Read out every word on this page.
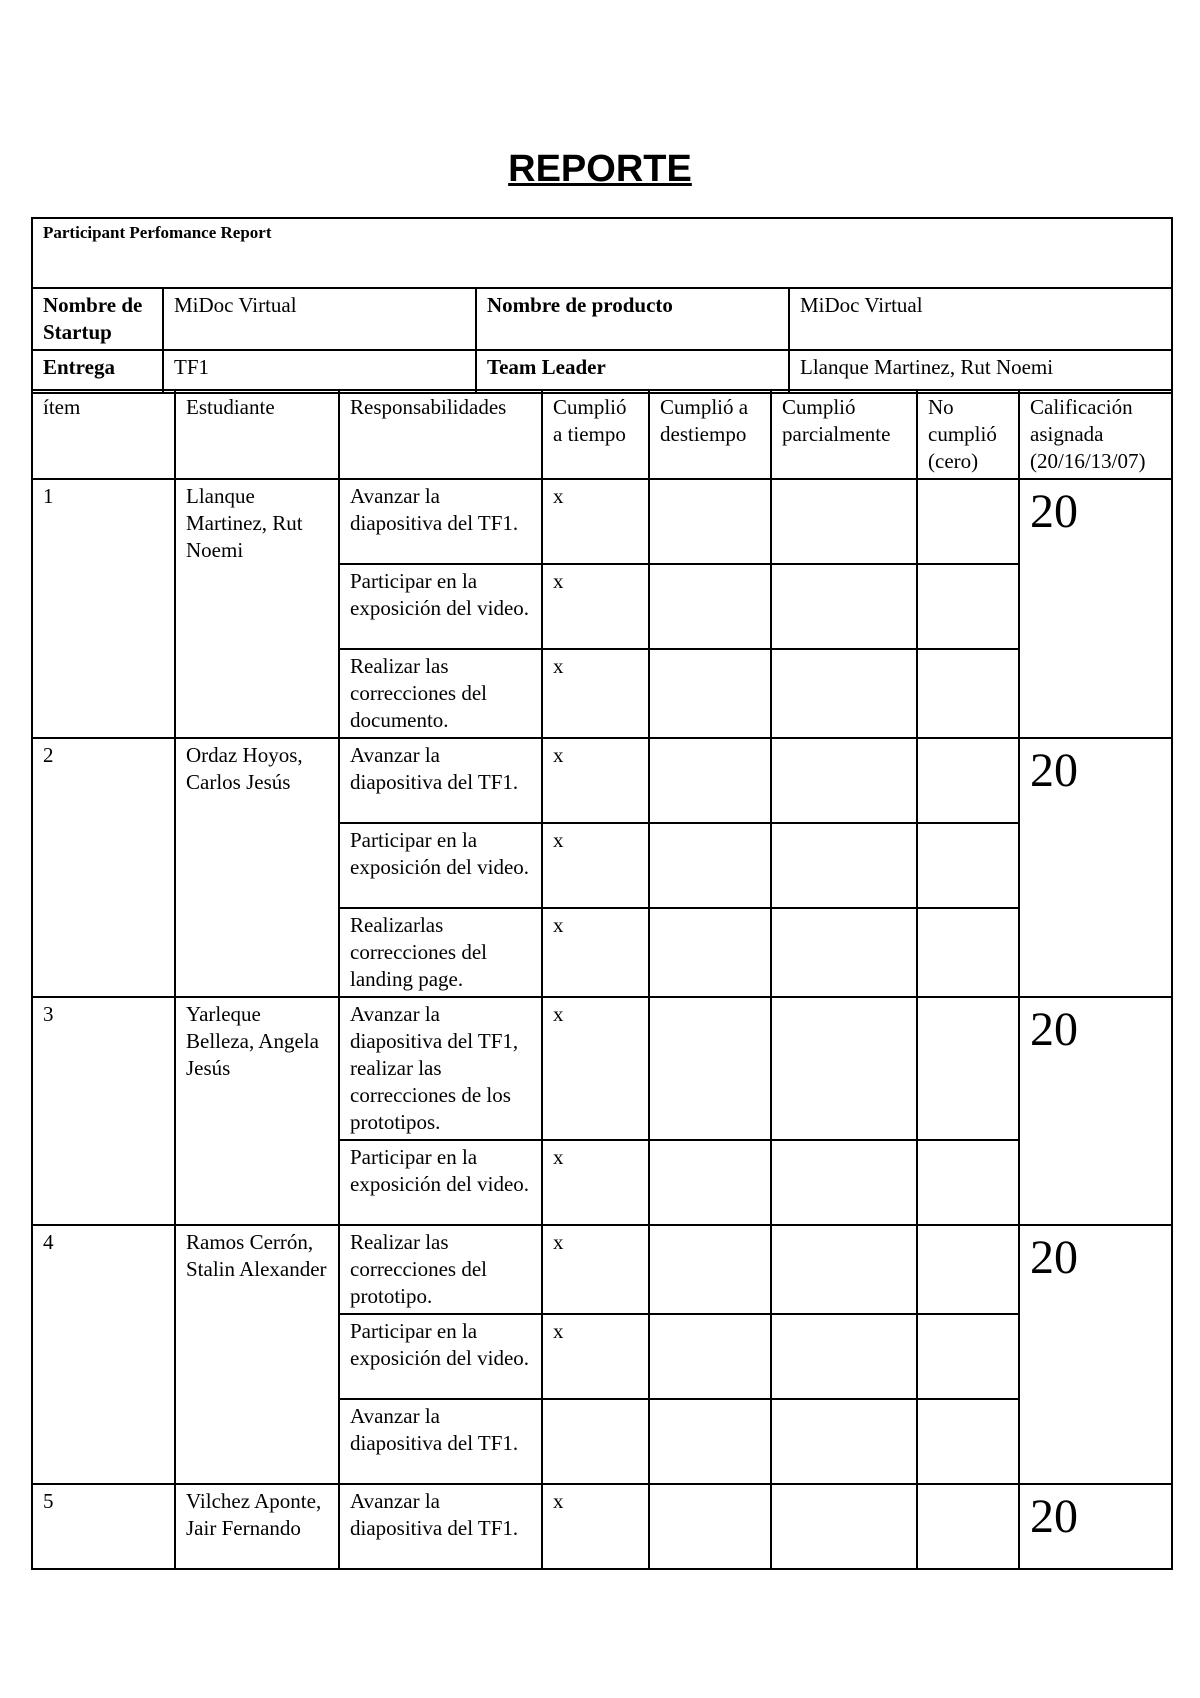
REPORTE
Participant Perfomance Report			
Nombre de Startup	MiDoc Virtual	Nombre de producto	MiDoc Virtual
Entrega	TF1	Team Leader	Llanque Martinez, Rut Noemi
ítem	Estudiante	Responsabilidades	Cumplió a tiempo	Cumplió a destiempo	Cumplió parcialmente	No cumplió (cero)	Calificación asignada (20/16/13/07)
1	Llanque Martinez, Rut Noemi	Avanzar la diapositiva del TF1.	x				20
		Participar en la exposición del video.	x				
		Realizar las correcciones del documento.	x				
2	Ordaz Hoyos, Carlos Jesús	Avanzar la diapositiva del TF1.	x				20
		Participar en la exposición del video.	x				
		Realizarlas correcciones del landing page.	x				
3	Yarleque Belleza, Angela Jesús	Avanzar la diapositiva del TF1, realizar las correcciones de los prototipos.	x				20
		Participar en la exposición del video.	x				
4	Ramos Cerrón, Stalin Alexander	Realizar las correcciones del prototipo.	x				20
		Participar en la exposición del video.	x				
		Avanzar la diapositiva del TF1.					
5	Vilchez Aponte, Jair Fernando	Avanzar la diapositiva del TF1.	x				20
